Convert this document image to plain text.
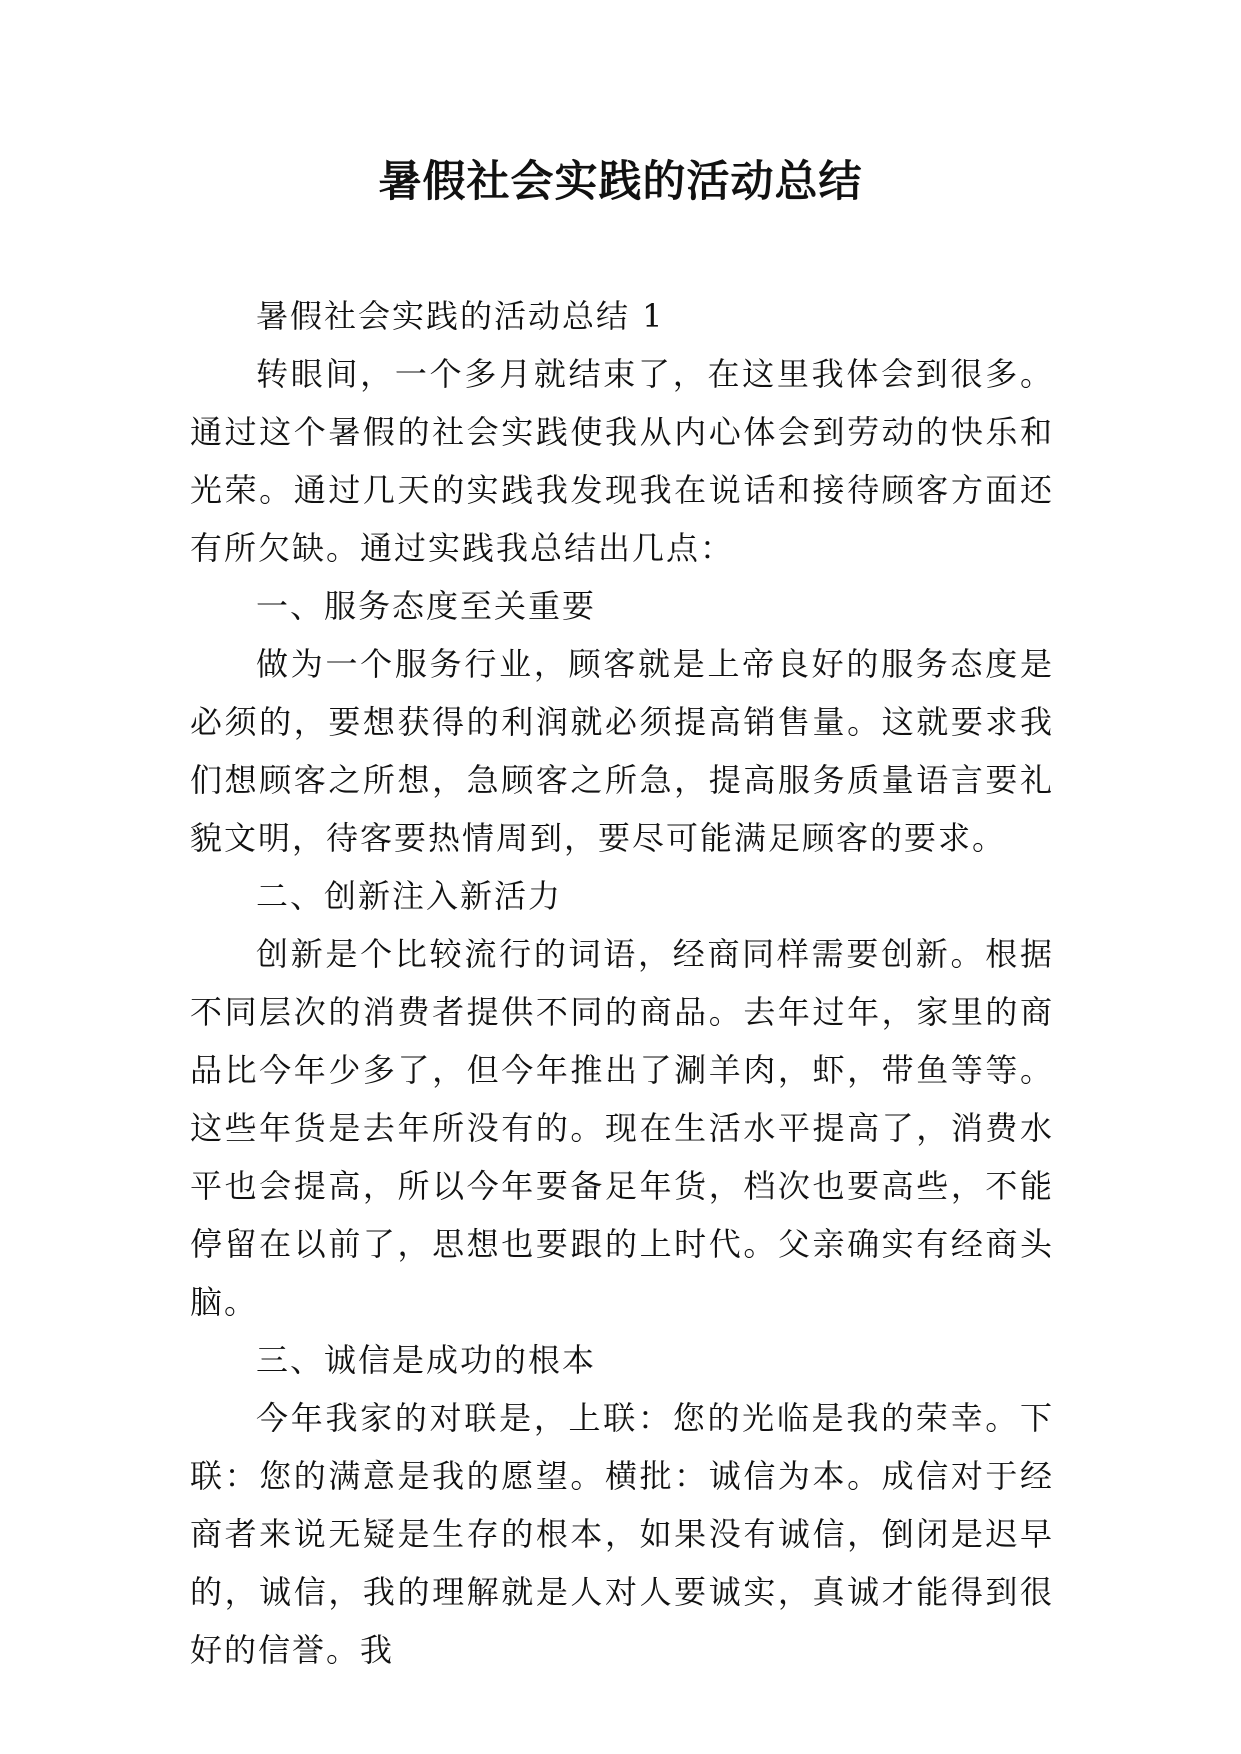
暑假社会实践的活动总结

暑假社会实践的活动总结 1

转眼间，一个多月就结束了，在这里我体会到很多。通过这个暑假的社会实践使我从内心体会到劳动的快乐和光荣。通过几天的实践我发现我在说话和接待顾客方面还有所欠缺。通过实践我总结出几点：

一、服务态度至关重要

做为一个服务行业，顾客就是上帝良好的服务态度是必须的，要想获得的利润就必须提高销售量。这就要求我们想顾客之所想，急顾客之所急，提高服务质量语言要礼貌文明，待客要热情周到，要尽可能满足顾客的要求。

二、创新注入新活力

创新是个比较流行的词语，经商同样需要创新。根据不同层次的消费者提供不同的商品。去年过年，家里的商品比今年少多了，但今年推出了涮羊肉，虾，带鱼等等。这些年货是去年所没有的。现在生活水平提高了，消费水平也会提高，所以今年要备足年货，档次也要高些，不能停留在以前了，思想也要跟的上时代。父亲确实有经商头脑。

三、诚信是成功的根本

今年我家的对联是，上联：您的光临是我的荣幸。下联：您的满意是我的愿望。横批：诚信为本。成信对于经商者来说无疑是生存的根本，如果没有诚信，倒闭是迟早的，诚信，我的理解就是人对人要诚实，真诚才能得到很好的信誉。我
